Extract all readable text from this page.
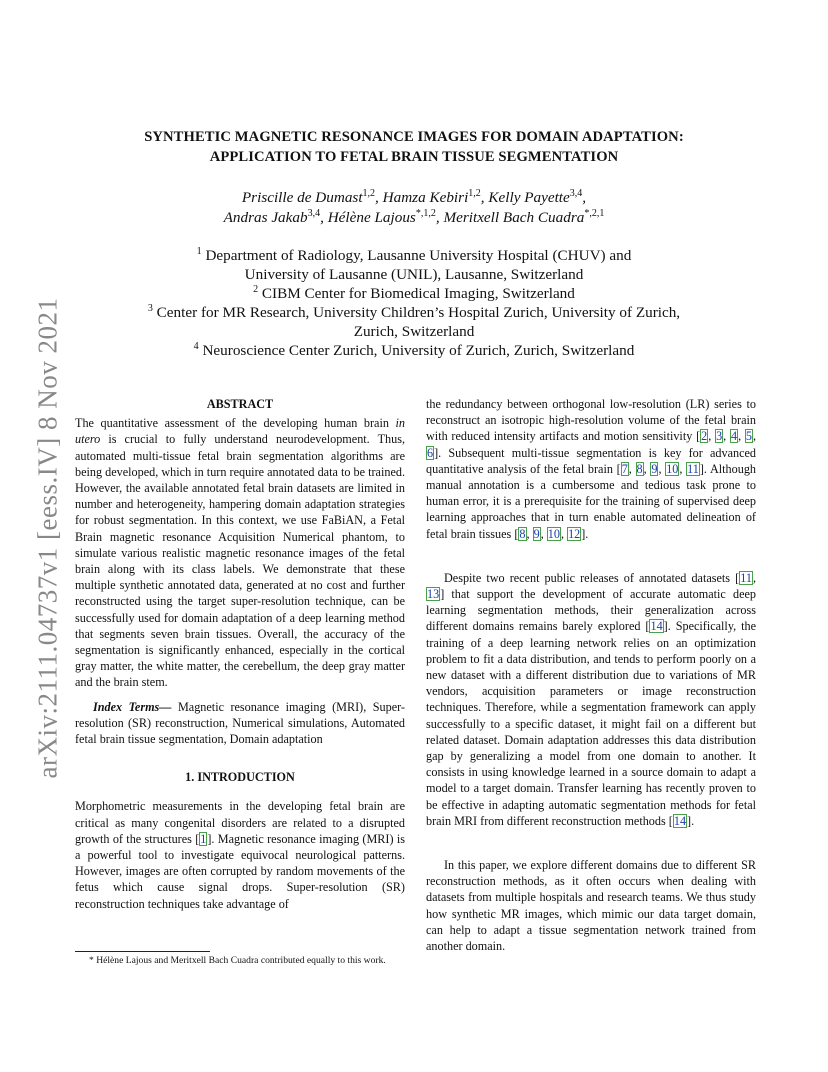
arXiv:2111.04737v1 [eess.IV] 8 Nov 2021
SYNTHETIC MAGNETIC RESONANCE IMAGES FOR DOMAIN ADAPTATION:
APPLICATION TO FETAL BRAIN TISSUE SEGMENTATION
Priscille de Dumast$^{1,2}$, Hamza Kebiri$^{1,2}$, Kelly Payette$^{3,4}$,
Andras Jakab$^{3,4}$, Hélène Lajous$^{*,1,2}$, Meritxell Bach Cuadra$^{*,2,1}$
$^1$ Department of Radiology, Lausanne University Hospital (CHUV) and
University of Lausanne (UNIL), Lausanne, Switzerland
$^2$ CIBM Center for Biomedical Imaging, Switzerland
$^3$ Center for MR Research, University Children’s Hospital Zurich, University of Zurich,
Zurich, Switzerland
$^4$ Neuroscience Center Zurich, University of Zurich, Zurich, Switzerland
ABSTRACT

The quantitative assessment of the developing human brain in utero is crucial to fully understand neurodevelopment. Thus, automated multi-tissue fetal brain segmentation algorithms are being developed, which in turn require annotated data to be trained. However, the available annotated fetal brain datasets are limited in number and heterogeneity, hampering domain adaptation strategies for robust segmentation. In this context, we use FaBiAN, a Fetal Brain magnetic resonance Acquisition Numerical phantom, to simulate various realistic magnetic resonance images of the fetal brain along with its class labels. We demonstrate that these multiple synthetic annotated data, generated at no cost and further reconstructed using the target super-resolution technique, can be successfully used for domain adaptation of a deep learning method that segments seven brain tissues. Overall, the accuracy of the segmentation is significantly enhanced, especially in the cortical gray matter, the white matter, the cerebellum, the deep gray matter and the brain stem.

Index Terms— Magnetic resonance imaging (MRI), Super-resolution (SR) reconstruction, Numerical simulations, Automated fetal brain tissue segmentation, Domain adaptation

1. INTRODUCTION

Morphometric measurements in the developing fetal brain are critical as many congenital disorders are related to a disrupted growth of the structures [1]. Magnetic resonance imaging (MRI) is a powerful tool to investigate equivocal neurological patterns. However, images are often corrupted by random movements of the fetus which cause signal drops. Super-resolution (SR) reconstruction techniques take advantage of

* Hélène Lajous and Meritxell Bach Cuadra contributed equally to this work.

the redundancy between orthogonal low-resolution (LR) series to reconstruct an isotropic high-resolution volume of the fetal brain with reduced intensity artifacts and motion sensitivity [2, 3, 4, 5, 6]. Subsequent multi-tissue segmentation is key for advanced quantitative analysis of the fetal brain [7, 8, 9, 10, 11]. Although manual annotation is a cumbersome and tedious task prone to human error, it is a prerequisite for the training of supervised deep learning approaches that in turn enable automated delineation of fetal brain tissues [8, 9, 10, 12].

Despite two recent public releases of annotated datasets [11, 13] that support the development of accurate automatic deep learning segmentation methods, their generalization across different domains remains barely explored [14]. Specifically, the training of a deep learning network relies on an optimization problem to fit a data distribution, and tends to perform poorly on a new dataset with a different distribution due to variations of MR vendors, acquisition parameters or image reconstruction techniques. Therefore, while a segmentation framework can apply successfully to a specific dataset, it might fail on a different but related dataset. Domain adaptation addresses this data distribution gap by generalizing a model from one domain to another. It consists in using knowledge learned in a source domain to adapt a model to a target domain. Transfer learning has recently proven to be effective in adapting automatic segmentation methods for fetal brain MRI from different reconstruction methods [14].

In this paper, we explore different domains due to different SR reconstruction methods, as it often occurs when dealing with datasets from multiple hospitals and research teams. We thus study how synthetic MR images, which mimic our data target domain, can help to adapt a tissue segmentation network trained from another domain.
